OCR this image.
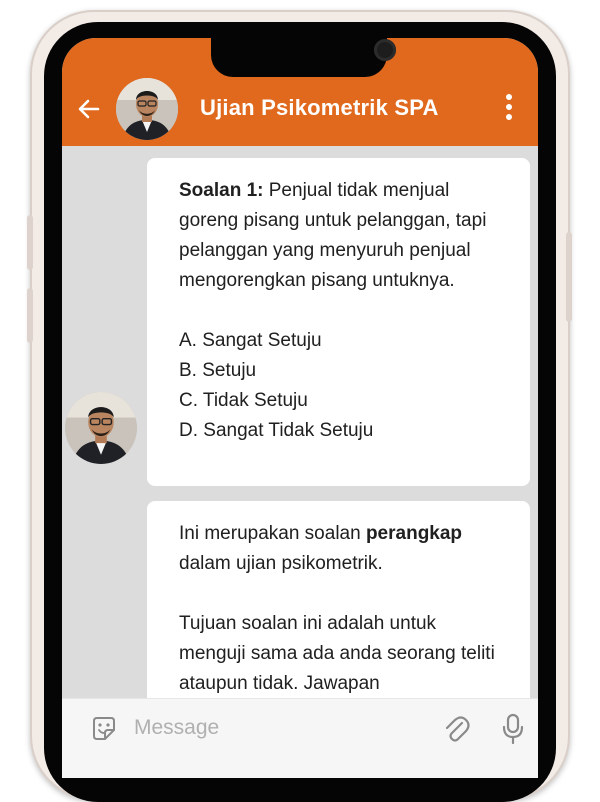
Ujian Psikometrik SPA

Soalan 1: Penjual tidak menjual goreng pisang untuk pelanggan, tapi pelanggan yang menyuruh penjual mengorengkan pisang untuknya.

A. Sangat Setuju

B. Setuju

C. Tidak Setuju

D. Sangat Tidak Setuju

Ini merupakan soalan perangkap dalam ujian psikometrik.

Tujuan soalan ini adalah untuk menguji sama ada anda seorang teliti ataupun tidak. Jawapan

Message
